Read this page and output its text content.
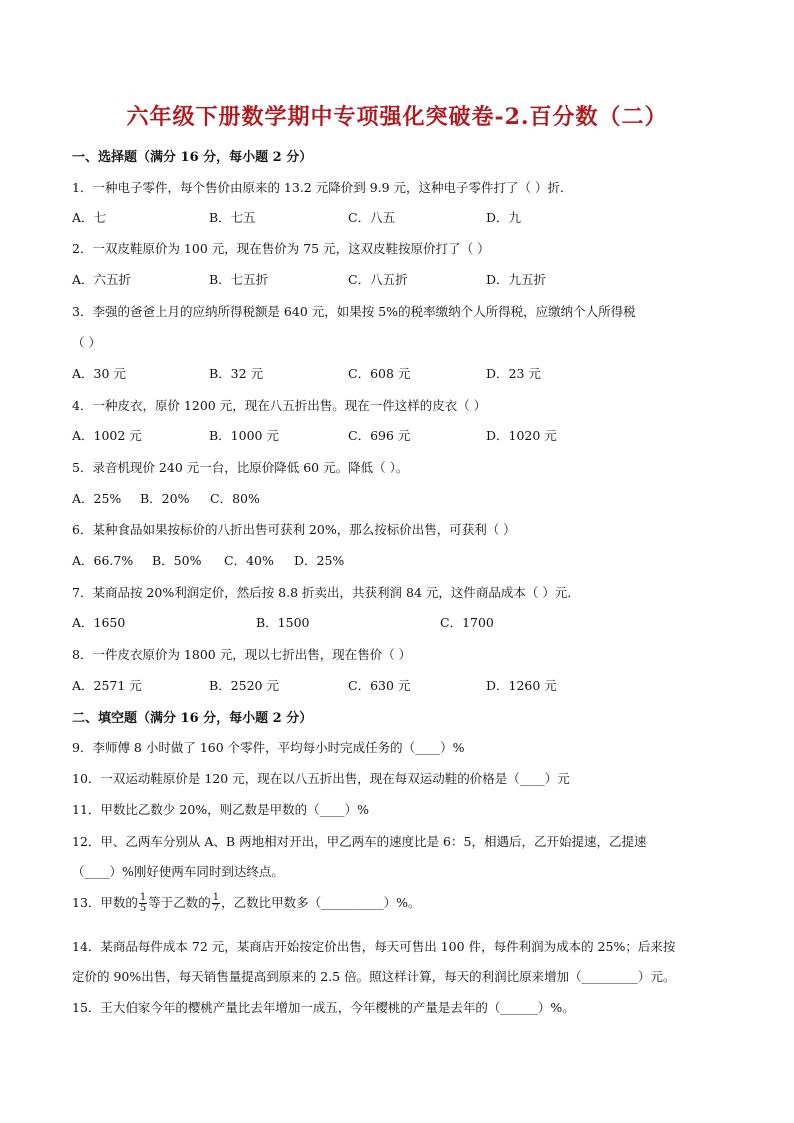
六年级下册数学期中专项强化突破卷-2.百分数（二）
一、选择题（满分 16 分，每小题 2 分）
1．一种电子零件，每个售价由原来的 13.2 元降价到 9.9 元，这种电子零件打了（ ）折．
A．七	B．七五	C．八五	D．九
2．一双皮鞋原价为 100 元，现在售价为 75 元，这双皮鞋按原价打了（ ）
A．六五折	B．七五折	C．八五折	D．九五折
3．李强的爸爸上月的应纳所得税额是 640 元，如果按 5%的税率缴纳个人所得税，应缴纳个人所得税
（ ）
A．30 元	B．32 元	C．608 元	D．23 元
4．一种皮衣，原价 1200 元，现在八五折出售。现在一件这样的皮衣（ ）
A．1002 元	B．1000 元	C．696 元	D．1020 元
5．录音机现价 240 元一台，比原价降低 60 元。降低（ ）。
A．25% B．20% C．80%
6．某种食品如果按标价的八折出售可获利 20%，那么按标价出售，可获利（ ）
A．66.7% B．50% C．40% D．25%
7．某商品按 20%利润定价，然后按 8.8 折卖出，共获利润 84 元，这件商品成本（ ）元．
A．1650	B．1500	C．1700
8．一件皮衣原价为 1800 元，现以七折出售，现在售价（ ）
A．2571 元	B．2520 元	C．630 元	D．1260 元
二、填空题（满分 16 分，每小题 2 分）
9．李师傅 8 小时做了 160 个零件，平均每小时完成任务的（____）%
10．一双运动鞋原价是 120 元，现在以八五折出售，现在每双运动鞋的价格是（____）元
11．甲数比乙数少 20%，则乙数是甲数的（____）%
12．甲、乙两车分别从 A、B 两地相对开出，甲乙两车的速度比是 6：5，相遇后，乙开始提速，乙提速
（____）%刚好使两车同时到达终点。
13．甲数的 $\frac{1}{5}$ 等于乙数的 $\frac{1}{7}$ ，乙数比甲数多（__________）%。
14．某商品每件成本 72 元，某商店开始按定价出售，每天可售出 100 件，每件利润为成本的 25%；后来按
定价的 90%出售，每天销售量提高到原来的 2.5 倍。照这样计算，每天的利润比原来增加（_________）元。
15．王大伯家今年的樱桃产量比去年增加一成五，今年樱桃的产量是去年的（______）%。
